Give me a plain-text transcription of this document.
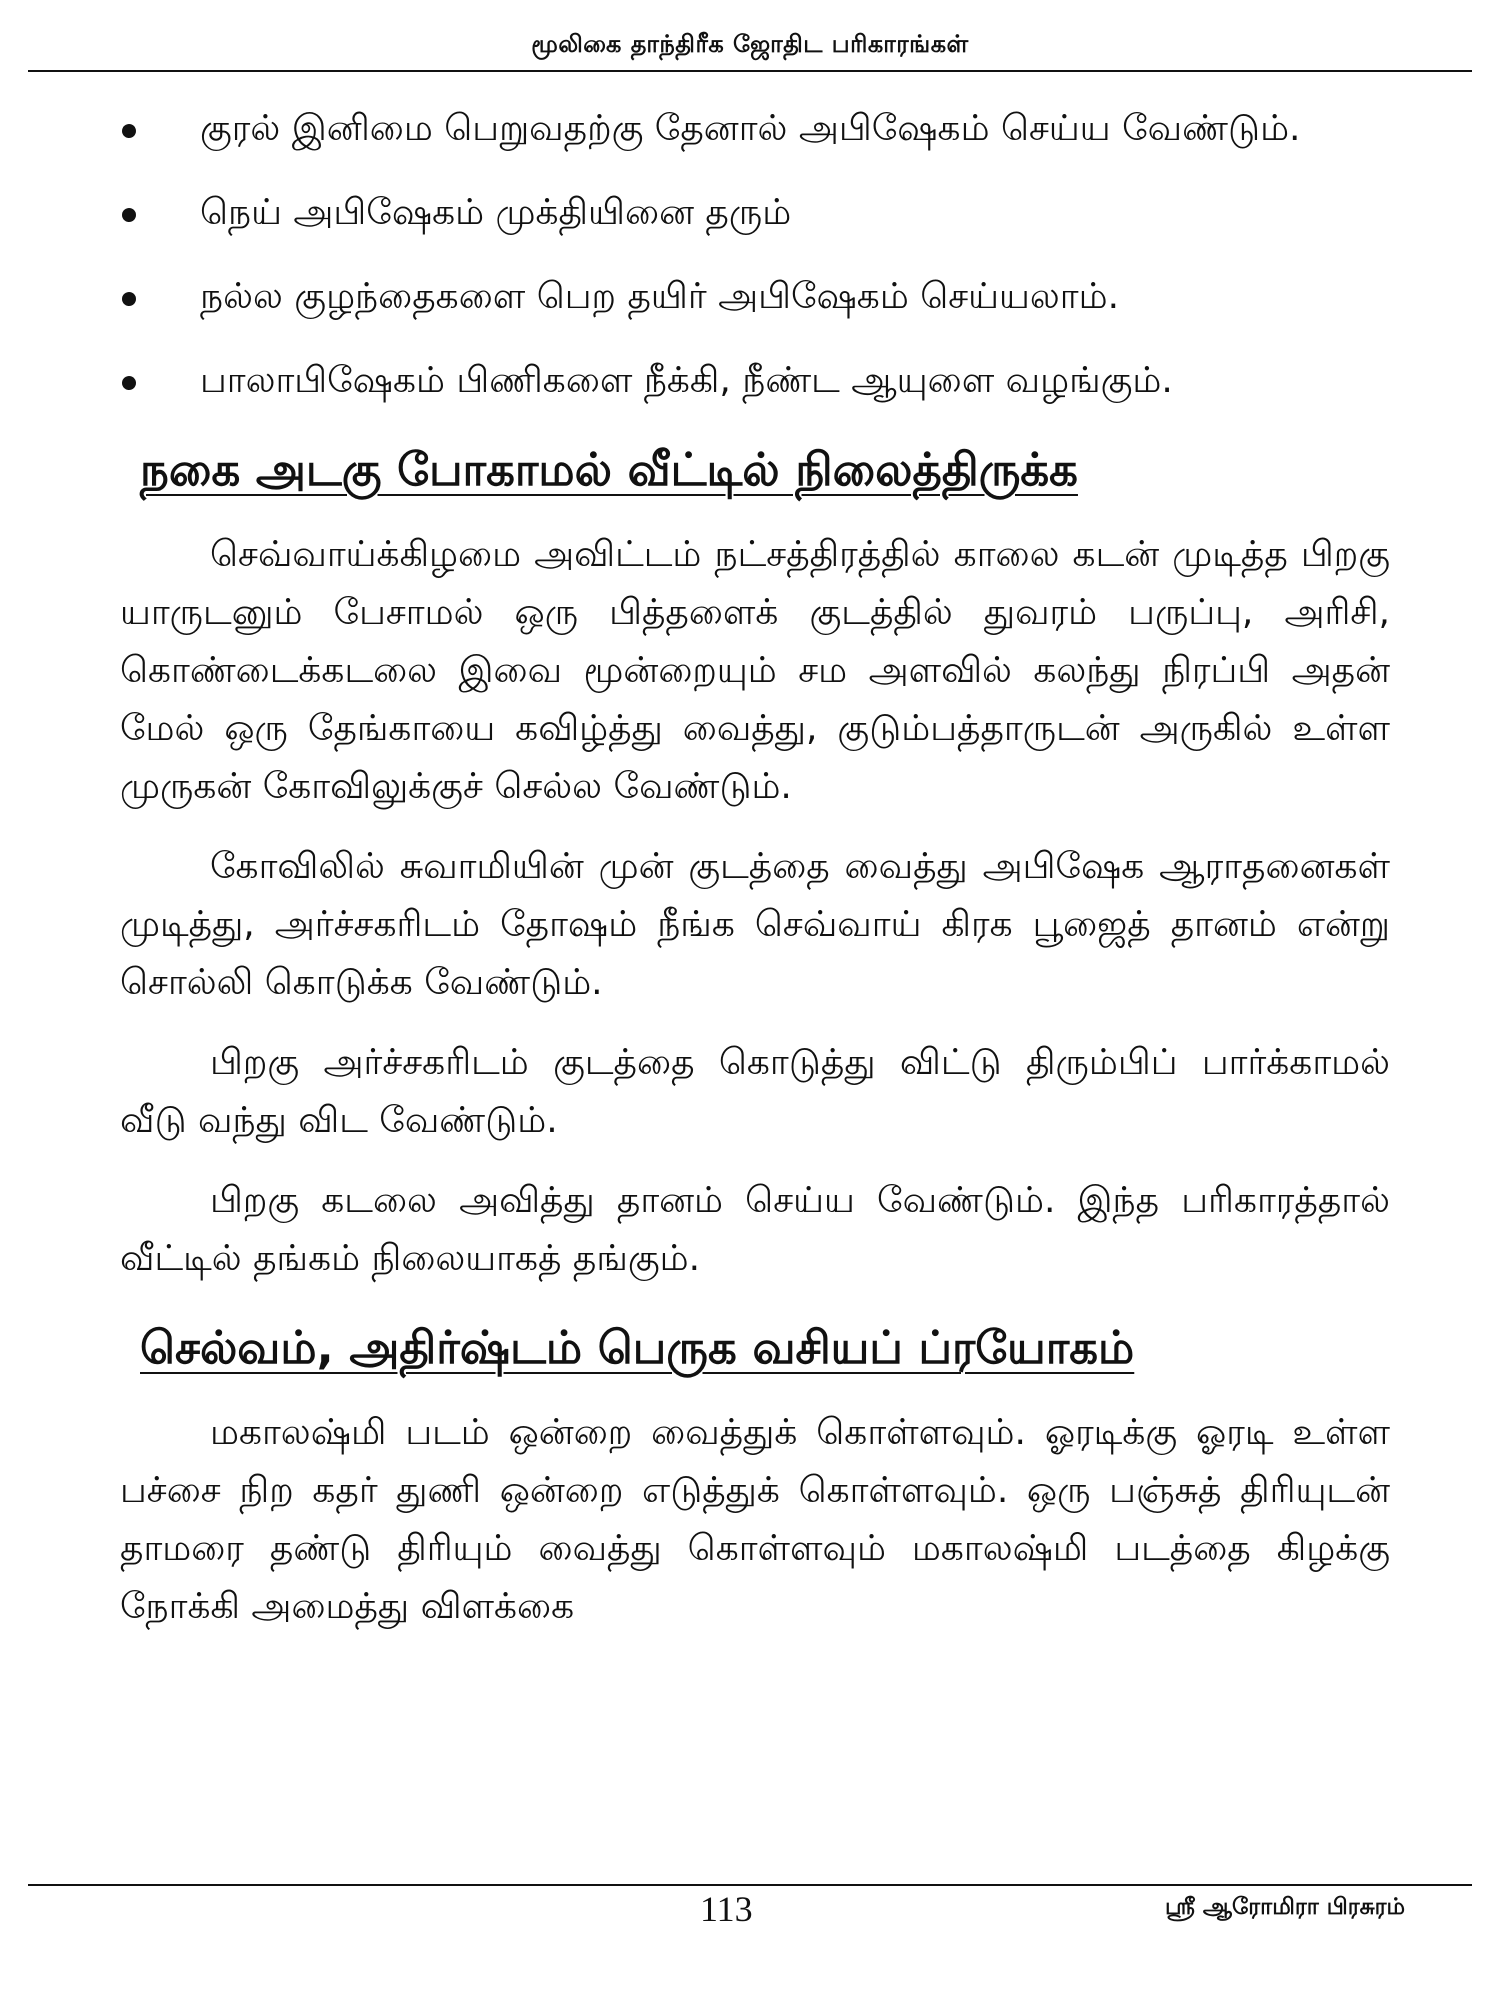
மூலிகை தாந்திரீக ஜோதிட பரிகாரங்கள்
குரல் இனிமை பெறுவதற்கு தேனால் அபிஷேகம் செய்ய வேண்டும்.
நெய் அபிஷேகம் முக்தியினை தரும்
நல்ல குழந்தைகளை பெற தயிர் அபிஷேகம் செய்யலாம்.
பாலாபிஷேகம் பிணிகளை நீக்கி, நீண்ட ஆயுளை வழங்கும்.
நகை அடகு போகாமல் வீட்டில் நிலைத்திருக்க

செவ்வாய்க்கிழமை அவிட்டம் நட்சத்திரத்தில் காலை கடன் முடித்த பிறகு யாருடனும் பேசாமல் ஒரு பித்தளைக் குடத்தில் துவரம் பருப்பு, அரிசி, கொண்டைக்கடலை இவை மூன்றையும் சம அளவில் கலந்து நிரப்பி அதன் மேல் ஒரு தேங்காயை கவிழ்த்து வைத்து, குடும்பத்தாருடன் அருகில் உள்ள முருகன் கோவிலுக்குச் செல்ல வேண்டும்.

கோவிலில் சுவாமியின் முன் குடத்தை வைத்து அபிஷேக ஆராதனைகள் முடித்து, அர்ச்சகரிடம் தோஷம் நீங்க செவ்வாய் கிரக பூஜைத் தானம் என்று சொல்லி கொடுக்க வேண்டும்.

பிறகு அர்ச்சகரிடம் குடத்தை கொடுத்து விட்டு திரும்பிப் பார்க்காமல் வீடு வந்து விட வேண்டும்.

பிறகு கடலை அவித்து தானம் செய்ய வேண்டும். இந்த பரிகாரத்தால் வீட்டில் தங்கம் நிலையாகத் தங்கும்.

செல்வம், அதிர்ஷ்டம் பெருக வசியப் ப்ரயோகம்

மகாலஷ்மி படம் ஒன்றை வைத்துக் கொள்ளவும். ஓரடிக்கு ஓரடி உள்ள பச்சை நிற கதர் துணி ஒன்றை எடுத்துக் கொள்ளவும். ஒரு பஞ்சுத் திரியுடன் தாமரை தண்டு திரியும் வைத்து கொள்ளவும் மகாலஷ்மி படத்தை கிழக்கு நோக்கி அமைத்து விளக்கை

113	ஸ்ரீ ஆரோமிரா பிரசுரம்
